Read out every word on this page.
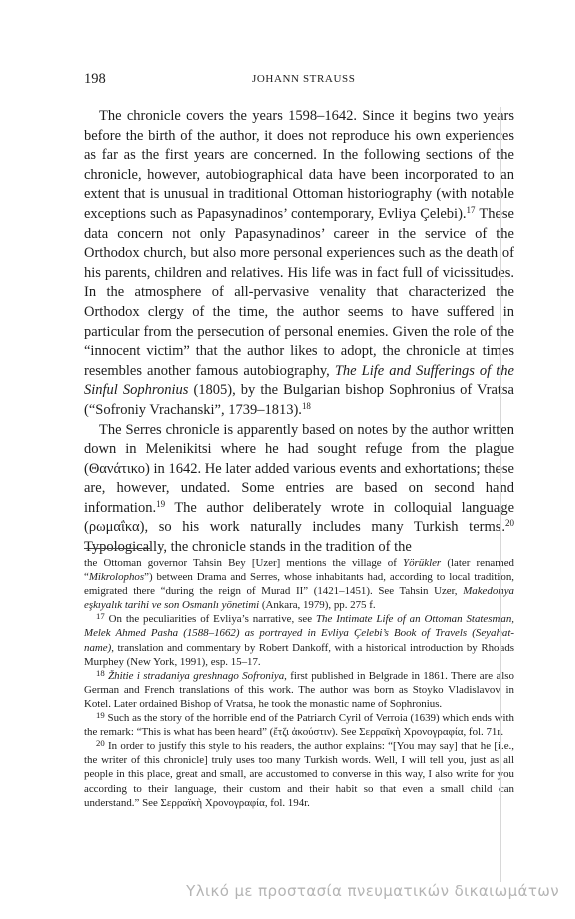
198	JOHANN STRAUSS

The chronicle covers the years 1598–1642. Since it begins two years before the birth of the author, it does not reproduce his own experiences as far as the first years are concerned. In the following sections of the chronicle, however, autobiographical data have been incorporated to an extent that is unusual in traditional Ottoman historiography (with notable exceptions such as Papasynadinos’ contemporary, Evliya Çelebi).$^{17}$ These data concern not only Papasynadinos’ career in the service of the Orthodox church, but also more personal experiences such as the death of his parents, children and relatives. His life was in fact full of vicissitudes. In the atmosphere of all-pervasive venality that characterized the Orthodox clergy of the time, the author seems to have suffered in particular from the persecution of personal enemies. Given the role of the “innocent victim” that the author likes to adopt, the chronicle at times resembles another famous autobiography, The Life and Sufferings of the Sinful Sophronius (1805), by the Bulgarian bishop Sophronius of Vratsa (“Sofroniy Vrachanski”, 1739–1813).$^{18}$

The Serres chronicle is apparently based on notes by the author written down in Melenikitsi where he had sought refuge from the plague (Θανάτικο) in 1642. He later added various events and exhortations; these are, however, undated. Some entries are based on second hand information.$^{19}$ The author deliberately wrote in colloquial language (ρωμαΐκα), so his work naturally includes many Turkish terms.$^{20}$ Typologically, the chronicle stands in the tradition of the

the Ottoman governor Tahsin Bey [Uzer] mentions the village of Yörükler (later renamed “Mikrolophos”) between Drama and Serres, whose inhabitants had, according to local tradition, emigrated there “during the reign of Murad II” (1421–1451). See Tahsin Uzer, Makedonya eşkıyalık tarihi ve son Osmanlı yönetimi (Ankara, 1979), pp. 275 f.

$^{17}$ On the peculiarities of Evliya’s narrative, see The Intimate Life of an Ottoman Statesman, Melek Ahmed Pasha (1588–1662) as portrayed in Evliya Çelebi’s Book of Travels (Seyahat-name), translation and commentary by Robert Dankoff, with a historical introduction by Rhoads Murphey (New York, 1991), esp. 15–17.

$^{18}$ Žhitie i stradaniya greshnago Sofroniya, first published in Belgrade in 1861. There are also German and French translations of this work. The author was born as Stoyko Vladislavov in Kotel. Later ordained Bishop of Vratsa, he took the monastic name of Sophronius.

$^{19}$ Such as the story of the horrible end of the Patriarch Cyril of Verroia (1639) which ends with the remark: “This is what has been heard” (ἔτζι ἀκούστιν). See Σερραϊκὴ Χρονογραφία, fol. 71r.

$^{20}$ In order to justify this style to his readers, the author explains: “[You may say] that he [i.e., the writer of this chronicle] truly uses too many Turkish words. Well, I will tell you, just as all people in this place, great and small, are accustomed to converse in this way, I also write for you according to their language, their custom and their habit so that even a small child can understand.” See Σερραϊκὴ Χρονογραφία, fol. 194r.

Υλικό με προστασία πνευματικών δικαιωμάτων
